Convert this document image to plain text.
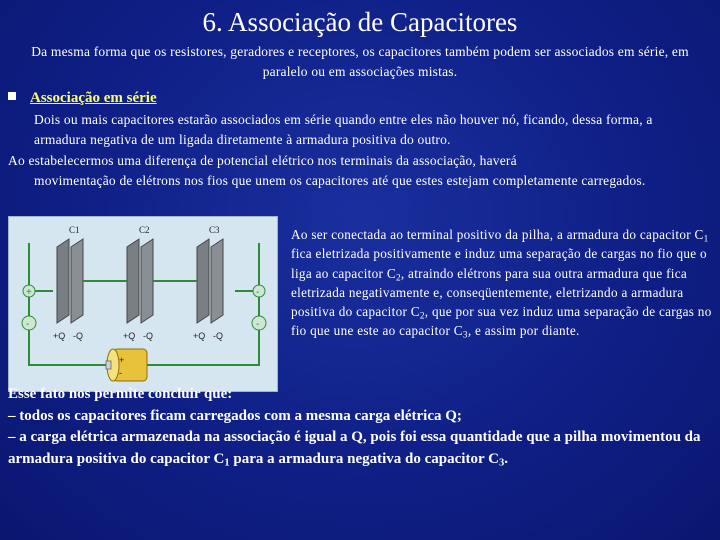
6. Associação de Capacitores
Da mesma forma que os resistores, geradores e receptores, os capacitores também podem ser associados em série, em paralelo ou em associações mistas.
Associação em série
Dois ou mais capacitores estarão associados em série quando entre eles não houver nó, ficando, dessa forma, a armadura negativa de um ligada diretamente à armadura positiva do outro.
Ao estabelecermos uma diferença de potencial elétrico nos terminais da associação, haverá
movimentação de elétrons nos fios que unem os capacitores até que estes estejam completamente carregados.
C1	C2	C3
+Q -Q	+Q -Q	+Q -Q
-	-
+	-
+
-
Ao ser conectada ao terminal positivo da pilha, a armadura do capacitor $C_1$ fica eletrizada positivamente e induz uma separação de cargas no fio que o liga ao capacitor $C_2$, atraindo elétrons para sua outra armadura que fica eletrizada negativamente e, conseqüentemente, eletrizando a armadura positiva do capacitor $C_2$, que por sua vez induz uma separação de cargas no fio que une este ao capacitor $C_3$, e assim por diante.
Esse fato nos permite concluir que:
– todos os capacitores ficam carregados com a mesma carga elétrica Q;
– a carga elétrica armazenada na associação é igual a Q, pois foi essa quantidade que a pilha movimentou da armadura positiva do capacitor $C_1$ para a armadura negativa do capacitor $C_3$.
